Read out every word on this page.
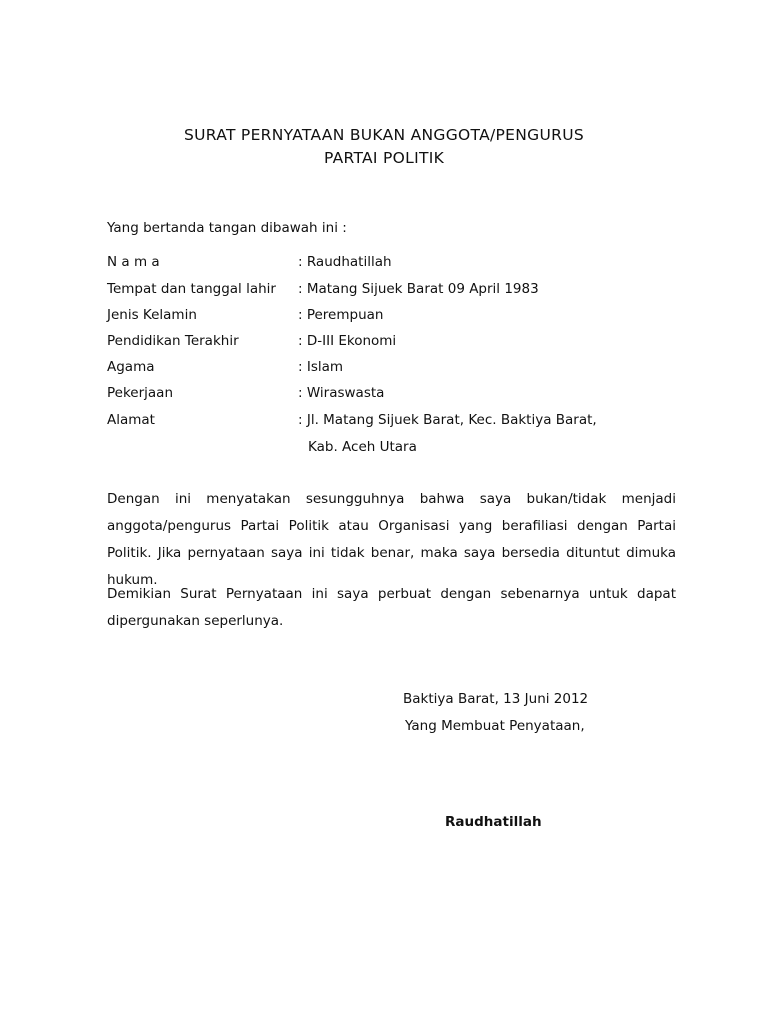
SURAT PERNYATAAN BUKAN ANGGOTA/PENGURUS
PARTAI POLITIK
Yang bertanda tangan dibawah ini :
N a m a	: Raudhatillah
Tempat dan tanggal lahir : Matang Sijuek Barat 09 April 1983
Jenis Kelamin	: Perempuan
Pendidikan Terakhir	: D-III Ekonomi
Agama	: Islam
Pekerjaan	: Wiraswasta
Alamat	: Jl. Matang Sijuek Barat, Kec. Baktiya Barat,
Kab. Aceh Utara
Dengan ini menyatakan sesungguhnya bahwa saya bukan/tidak menjadi anggota/pengurus Partai Politik atau Organisasi yang berafiliasi dengan Partai Politik. Jika pernyataan saya ini tidak benar, maka saya bersedia dituntut dimuka hukum.
Demikian Surat Pernyataan ini saya perbuat dengan sebenarnya untuk dapat dipergunakan seperlunya.
Baktiya Barat, 13 Juni 2012
Yang Membuat Penyataan,
Raudhatillah
